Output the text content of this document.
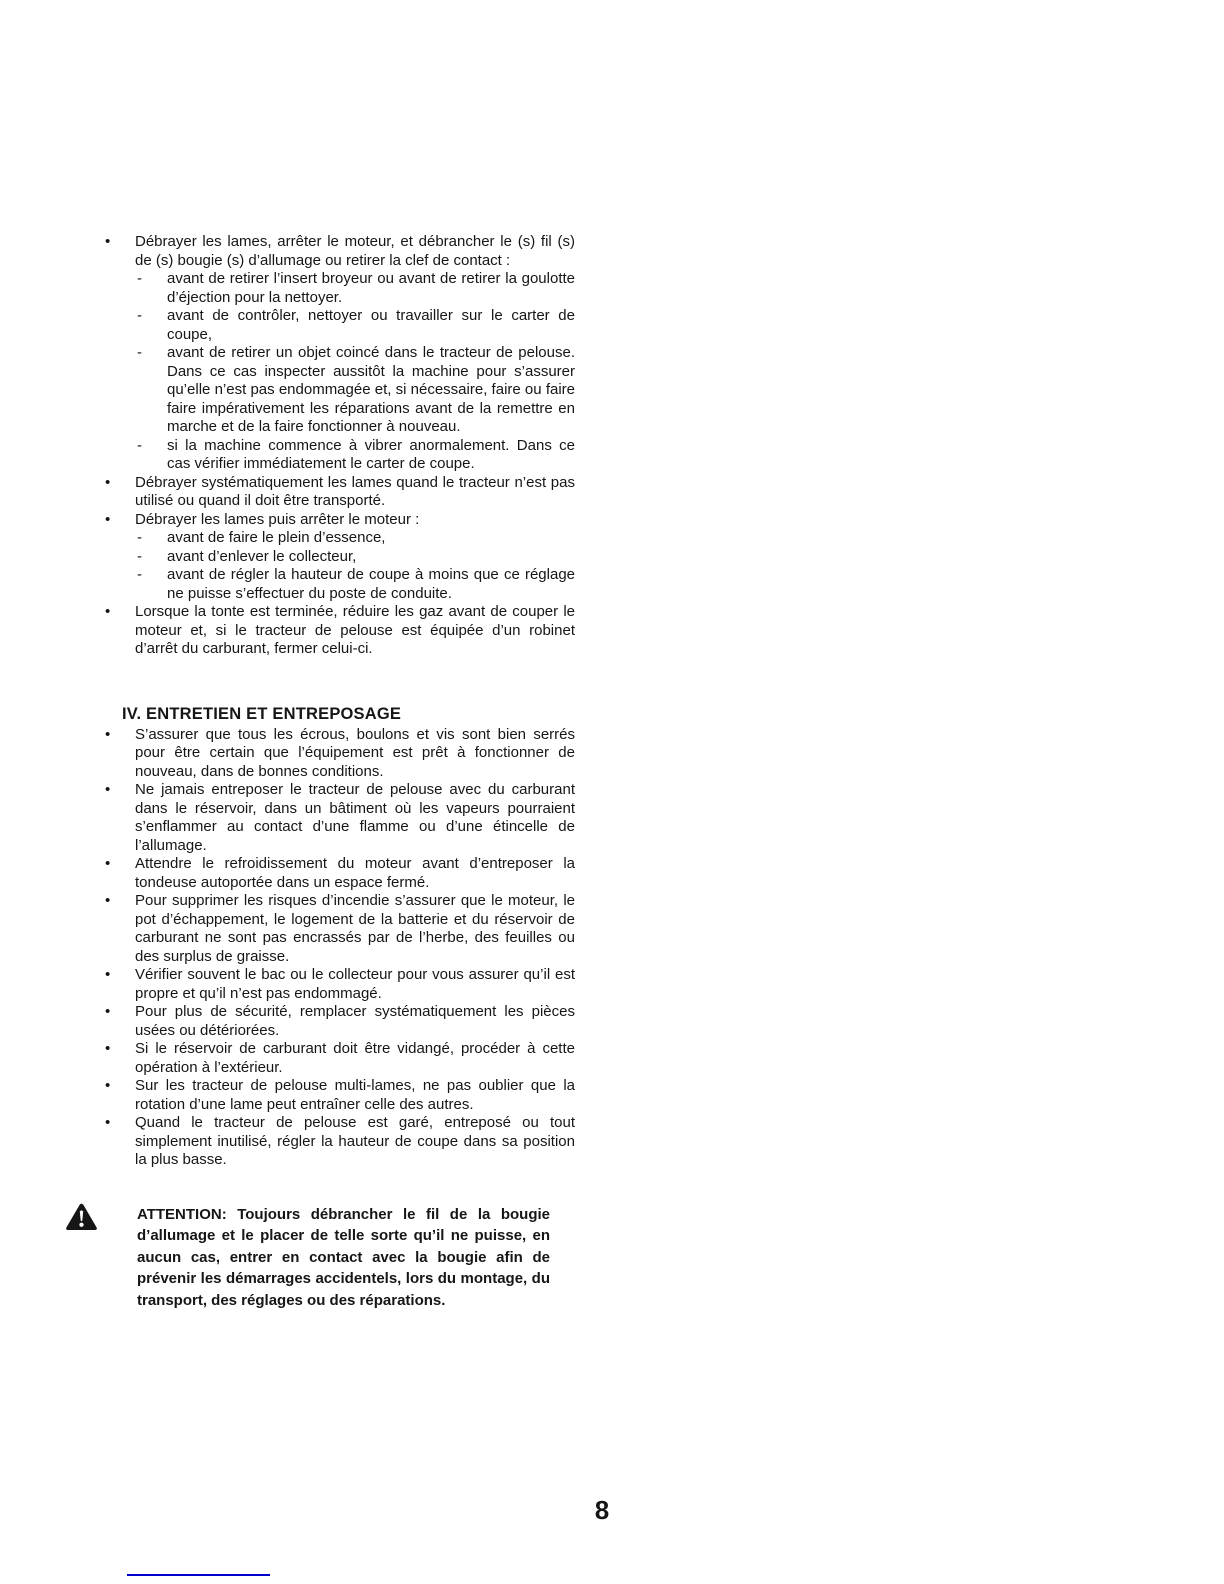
•	Débrayer les lames, arrêter le moteur, et débrancher le (s) fil (s) de (s) bougie (s) d’allumage ou retirer la clef de contact :
-	avant de retirer l’insert broyeur ou avant de retirer la goulotte d’éjection pour la nettoyer.
-	avant de contrôler, nettoyer ou travailler sur le carter de coupe,
-	avant de retirer un objet coincé dans le tracteur de pelouse. Dans ce cas inspecter aussitôt la machine pour s’assurer qu’elle n’est pas endommagée et, si nécessaire, faire ou faire faire impérativement les réparations avant de la remettre en marche et de la faire fonctionner à nouveau.
-	si la machine commence à vibrer anormalement. Dans ce cas vérifier immédiatement le carter de coupe.
•	Débrayer systématiquement les lames quand le tracteur n’est pas utilisé ou quand il doit être transporté.
•	Débrayer les lames puis arrêter le moteur :
-	avant de faire le plein d’essence,
-	avant d’enlever le collecteur,
-	avant de régler la hauteur de coupe à moins que ce réglage ne puisse s’effectuer du poste de conduite.
•	Lorsque la tonte est terminée, réduire les gaz avant de couper le moteur et, si le tracteur de pelouse est équipée d’un robinet d’arrêt du carburant, fermer celui-ci.
IV. ENTRETIEN ET ENTREPOSAGE
•	S’assurer que tous les écrous, boulons et vis sont bien serrés pour être certain que l’équipement est prêt à fonctionner de nouveau, dans de bonnes conditions.
•	Ne jamais entreposer le tracteur de pelouse avec du carburant dans le réservoir, dans un bâtiment où les vapeurs pourraient s’enflammer au contact d’une flamme ou d’une étincelle de l’allumage.
•	Attendre le refroidissement du moteur avant d’entreposer la tondeuse autoportée dans un espace fermé.
•	Pour supprimer les risques d’incendie s’assurer que le moteur, le pot d’échappement, le logement de la batterie et du réservoir de carburant ne sont pas encrassés par de l’herbe, des feuilles ou des surplus de graisse.
•	Vérifier souvent le bac ou le collecteur pour vous assurer qu’il est propre et qu’il n’est pas endommagé.
•	Pour plus de sécurité, remplacer systématiquement les pièces usées ou détériorées.
•	Si le réservoir de carburant doit être vidangé, procéder à cette opération à l’extérieur.
•	Sur les tracteur de pelouse multi-lames, ne pas oublier que la rotation d’une lame peut entraîner celle des autres.
•	Quand le tracteur de pelouse est garé, entreposé ou tout simplement inutilisé, régler la hauteur de coupe dans sa position la plus basse.

ATTENTION: Toujours débrancher le fil de la bougie d’allumage et le placer de telle sorte qu’il ne puisse, en aucun cas, entrer en contact avec la bougie afin de prévenir les démarrages accidentels, lors du montage, du transport, des réglages ou des réparations.

8
